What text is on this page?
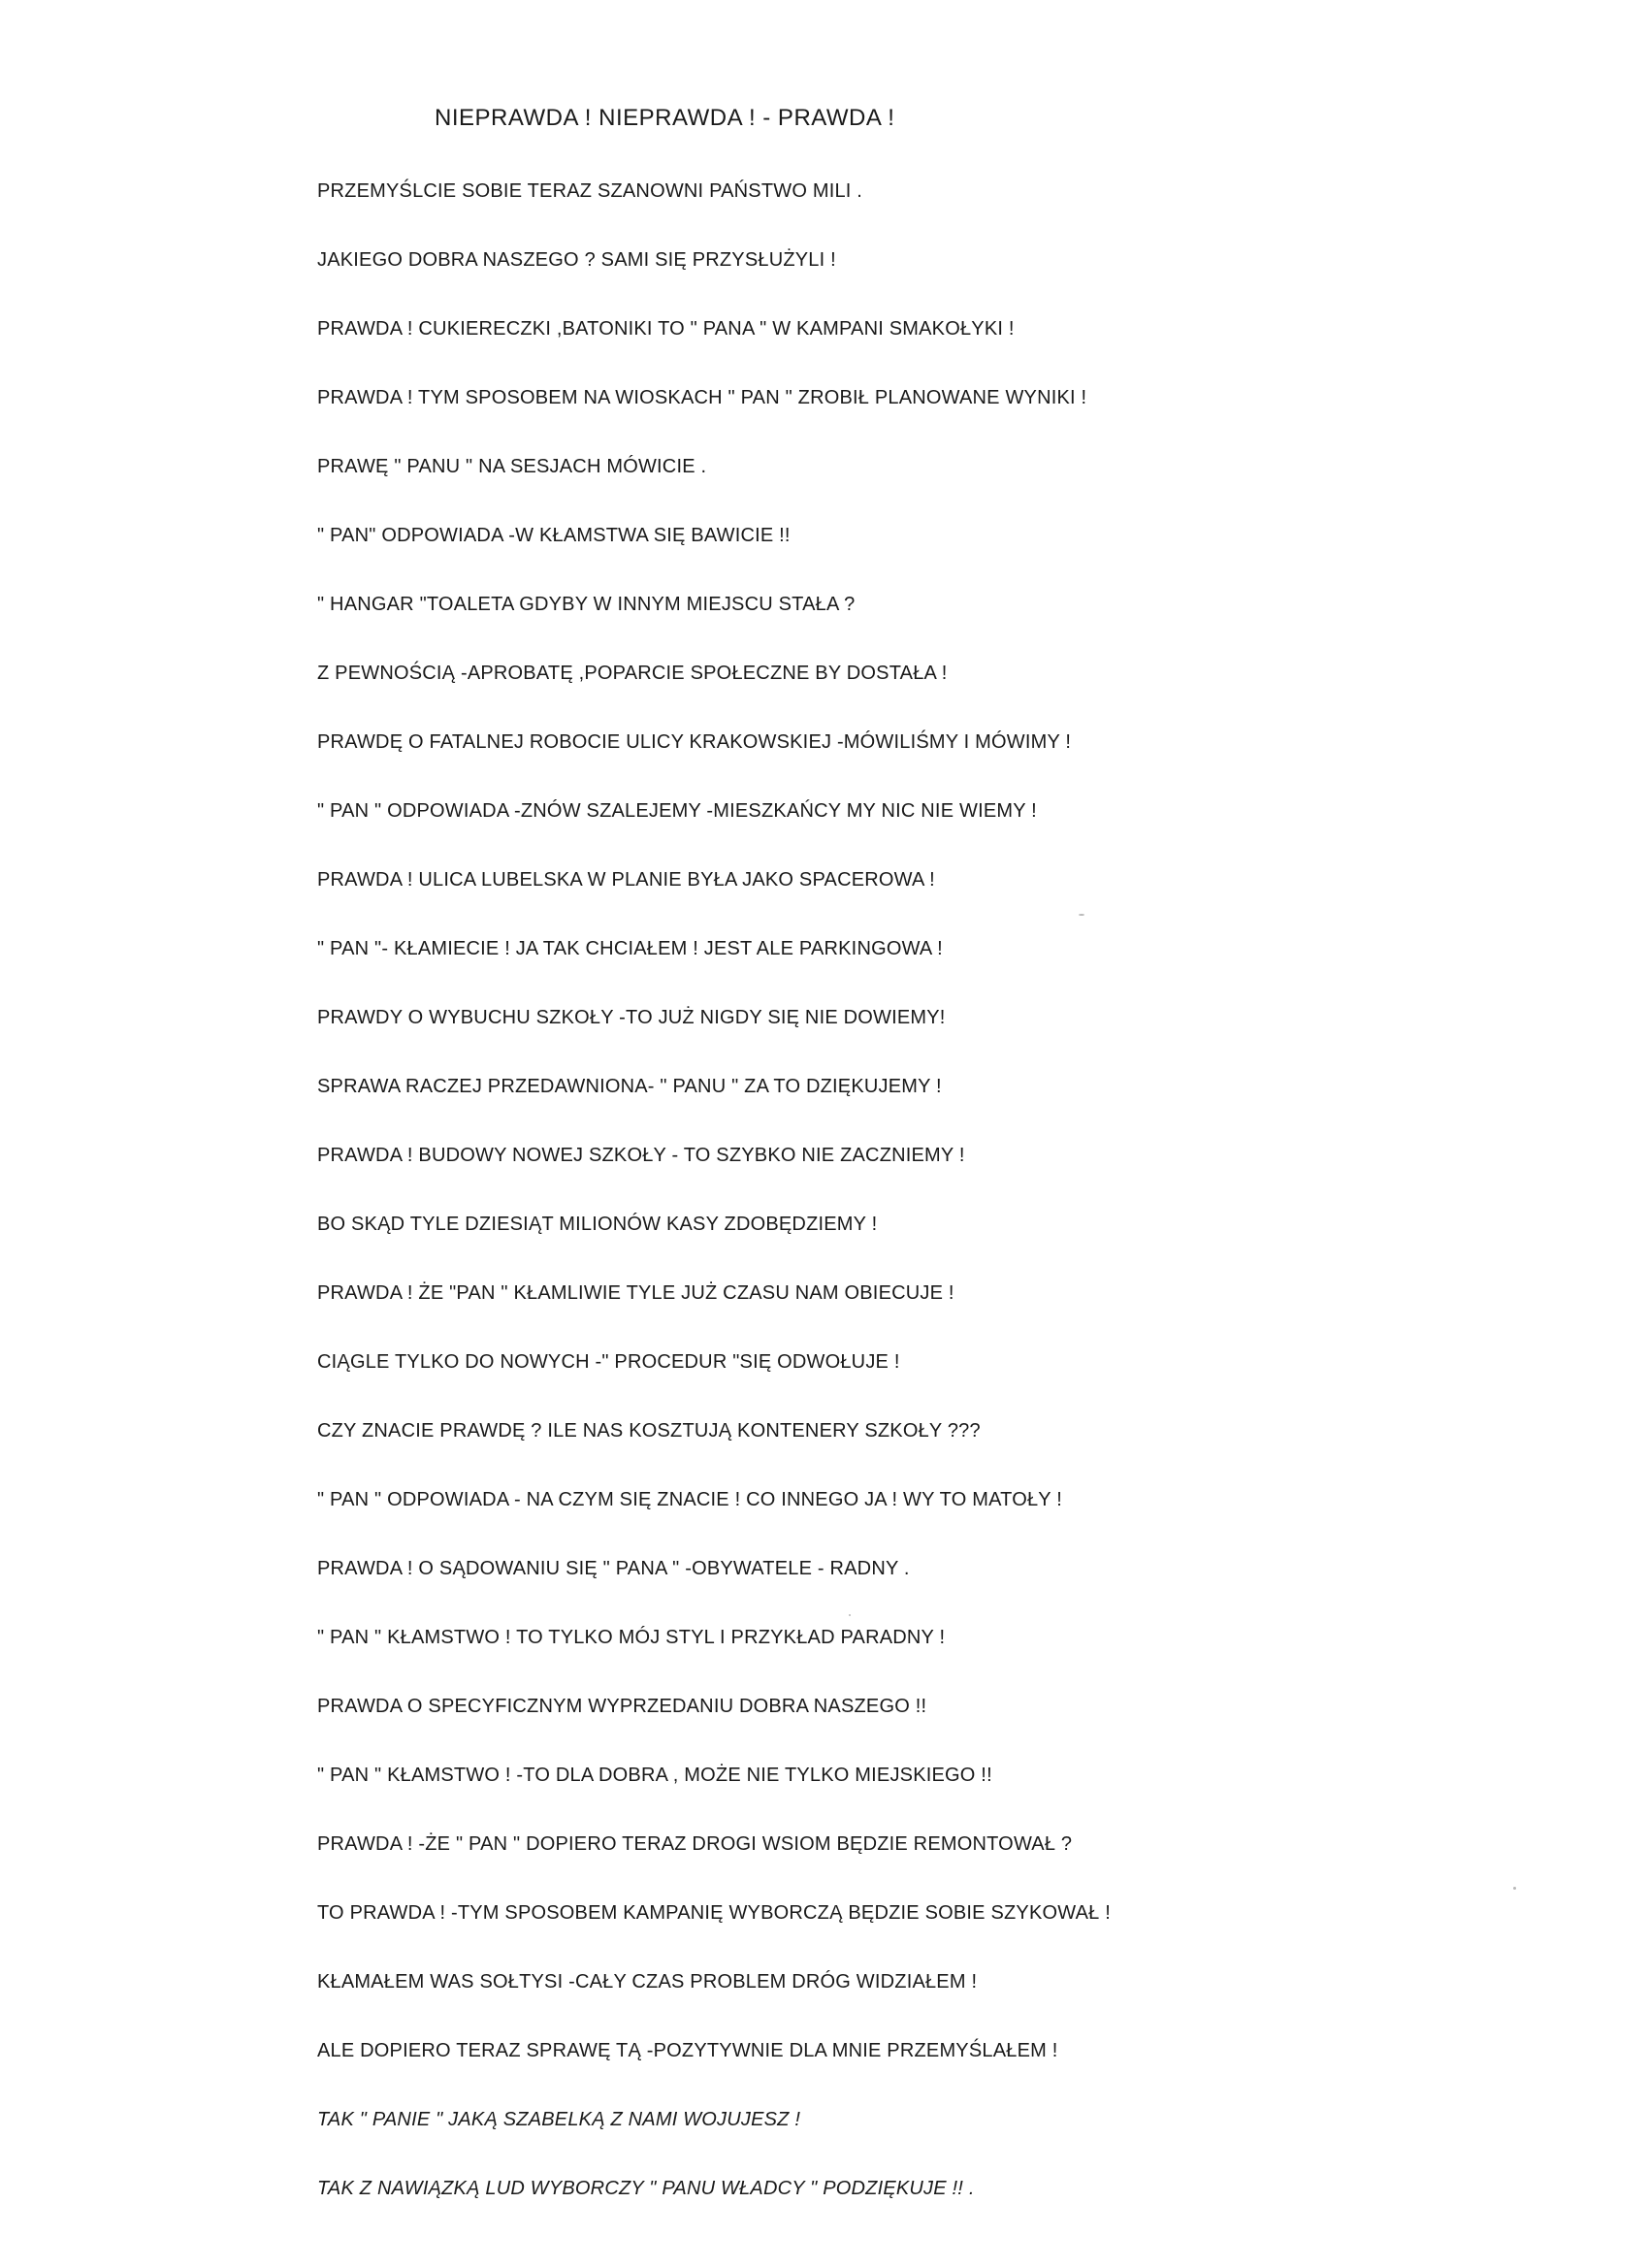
NIEPRAWDA ! NIEPRAWDA ! - PRAWDA !
PRZEMYŚLCIE SOBIE TERAZ SZANOWNI PAŃSTWO MILI .
JAKIEGO DOBRA NASZEGO ? SAMI SIĘ PRZYSŁUŻYLI !
PRAWDA ! CUKIERECZKI ,BATONIKI TO " PANA " W KAMPANI SMAKOŁYKI !
PRAWDA ! TYM SPOSOBEM NA WIOSKACH " PAN " ZROBIŁ PLANOWANE WYNIKI !
PRAWĘ " PANU " NA SESJACH MÓWICIE .
" PAN" ODPOWIADA -W KŁAMSTWA SIĘ BAWICIE !!
" HANGAR "TOALETA GDYBY W INNYM MIEJSCU STAŁA ?
Z PEWNOŚCIĄ -APROBATĘ ,POPARCIE SPOŁECZNE BY DOSTAŁA !
PRAWDĘ O FATALNEJ ROBOCIE ULICY KRAKOWSKIEJ -MÓWILIŚMY I MÓWIMY !
" PAN " ODPOWIADA -ZNÓW SZALEJEMY -MIESZKAŃCY MY NIC NIE WIEMY !
PRAWDA ! ULICA LUBELSKA W PLANIE BYŁA JAKO SPACEROWA !
" PAN "- KŁAMIECIE ! JA TAK CHCIAŁEM ! JEST ALE PARKINGOWA !
PRAWDY O WYBUCHU SZKOŁY -TO JUŻ NIGDY SIĘ NIE DOWIEMY!
SPRAWA RACZEJ PRZEDAWNIONA- " PANU " ZA TO DZIĘKUJEMY !
PRAWDA ! BUDOWY NOWEJ SZKOŁY - TO SZYBKO NIE ZACZNIEMY !
BO SKĄD TYLE DZIESIĄT MILIONÓW KASY ZDOBĘDZIEMY !
PRAWDA ! ŻE "PAN " KŁAMLIWIE TYLE JUŻ CZASU NAM OBIECUJE !
CIĄGLE TYLKO DO NOWYCH -" PROCEDUR "SIĘ ODWOŁUJE !
CZY ZNACIE PRAWDĘ ? ILE NAS KOSZTUJĄ KONTENERY SZKOŁY ???
" PAN " ODPOWIADA - NA CZYM SIĘ ZNACIE ! CO INNEGO JA ! WY TO MATOŁY !
PRAWDA ! O SĄDOWANIU SIĘ " PANA " -OBYWATELE - RADNY .
" PAN " KŁAMSTWO ! TO TYLKO MÓJ STYL I PRZYKŁAD PARADNY !
PRAWDA O SPECYFICZNYM WYPRZEDANIU DOBRA NASZEGO !!
" PAN " KŁAMSTWO ! -TO DLA DOBRA , MOŻE NIE TYLKO MIEJSKIEGO !!
PRAWDA ! -ŻE " PAN " DOPIERO TERAZ DROGI WSIOM BĘDZIE REMONTOWAŁ ?
TO PRAWDA ! -TYM SPOSOBEM KAMPANIĘ WYBORCZĄ BĘDZIE SOBIE SZYKOWAŁ !
KŁAMAŁEM WAS SOŁTYSI -CAŁY CZAS PROBLEM DRÓG WIDZIAŁEM !
ALE DOPIERO TERAZ SPRAWĘ TĄ -POZYTYWNIE DLA MNIE PRZEMYŚLAŁEM !
TAK " PANIE " JAKĄ SZABELKĄ Z NAMI WOJUJESZ !
TAK Z NAWIĄZKĄ LUD WYBORCZY " PANU WŁADCY " PODZIĘKUJE !! .
